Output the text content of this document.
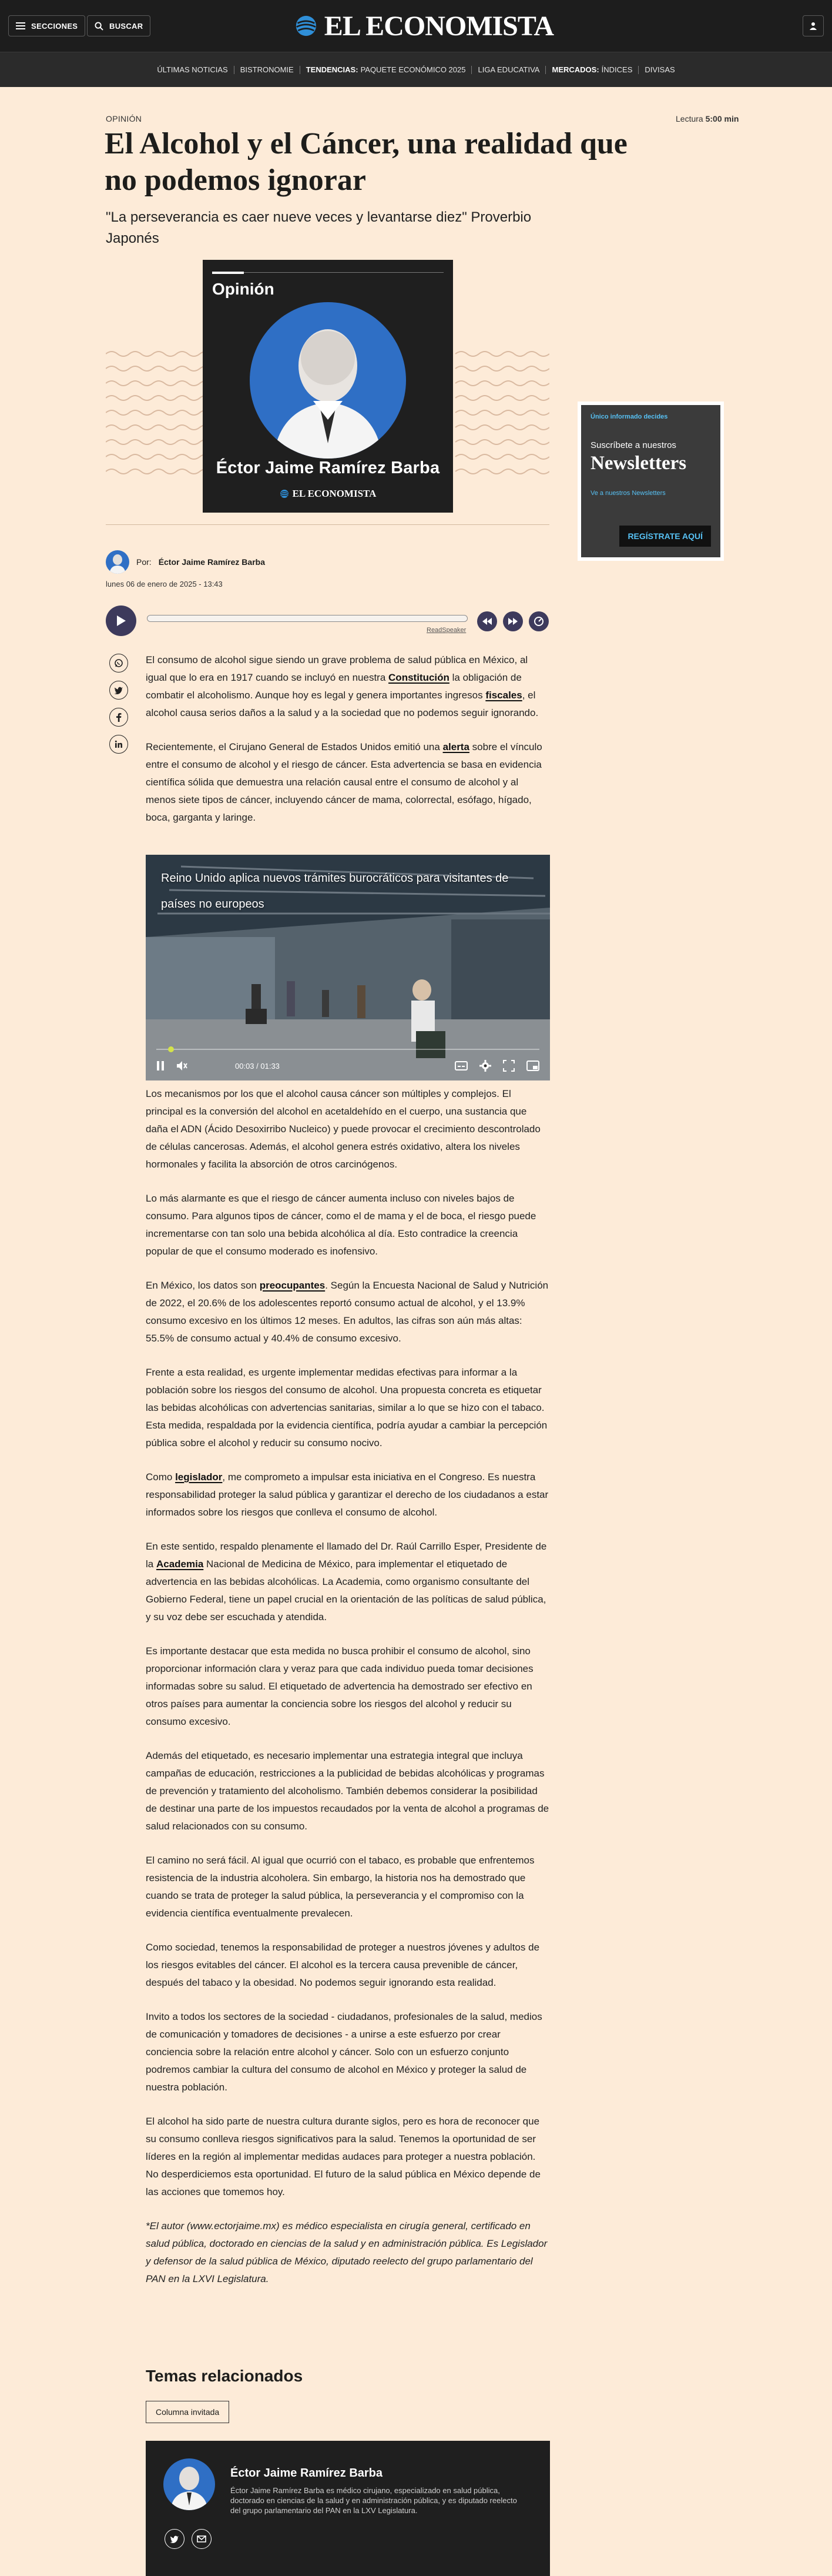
SECCIONES	BUSCAR	EL ECONOMISTA
ÚLTIMAS NOTICIAS	BISTRONOMIE	TENDENCIAS: PAQUETE ECONÓMICO 2025	LIGA EDUCATIVA	MERCADOS: ÍNDICES	DIVISAS
OPINIÓN	Lectura 5:00 min
El Alcohol y el Cáncer, una realidad que no podemos ignorar
"La perseverancia es caer nueve veces y levantarse diez" Proverbio Japonés
Opinión
Éctor Jaime Ramírez Barba
EL ECONOMISTA
Único informado decides
Suscríbete a nuestros
Newsletters
Ve a nuestros Newsletters
REGÍSTRATE AQUÍ
Por: Éctor Jaime Ramírez Barba
lunes 06 de enero de 2025 - 13:43
ReadSpeaker

El consumo de alcohol sigue siendo un grave problema de salud pública en México, al igual que lo era en 1917 cuando se incluyó en nuestra Constitución la obligación de combatir el alcoholismo. Aunque hoy es legal y genera importantes ingresos fiscales, el alcohol causa serios daños a la salud y a la sociedad que no podemos seguir ignorando.

Recientemente, el Cirujano General de Estados Unidos emitió una alerta sobre el vínculo entre el consumo de alcohol y el riesgo de cáncer. Esta advertencia se basa en evidencia científica sólida que demuestra una relación causal entre el consumo de alcohol y al menos siete tipos de cáncer, incluyendo cáncer de mama, colorrectal, esófago, hígado, boca, garganta y laringe.

Los mecanismos por los que el alcohol causa cáncer son múltiples y complejos. El principal es la conversión del alcohol en acetaldehído en el cuerpo, una sustancia que daña el ADN (Ácido Desoxirribo Nucleico) y puede provocar el crecimiento descontrolado de células cancerosas. Además, el alcohol genera estrés oxidativo, altera los niveles hormonales y facilita la absorción de otros carcinógenos.

Lo más alarmante es que el riesgo de cáncer aumenta incluso con niveles bajos de consumo. Para algunos tipos de cáncer, como el de mama y el de boca, el riesgo puede incrementarse con tan solo una bebida alcohólica al día. Esto contradice la creencia popular de que el consumo moderado es inofensivo.

En México, los datos son preocupantes. Según la Encuesta Nacional de Salud y Nutrición de 2022, el 20.6% de los adolescentes reportó consumo actual de alcohol, y el 13.9% consumo excesivo en los últimos 12 meses. En adultos, las cifras son aún más altas: 55.5% de consumo actual y 40.4% de consumo excesivo.

Frente a esta realidad, es urgente implementar medidas efectivas para informar a la población sobre los riesgos del consumo de alcohol. Una propuesta concreta es etiquetar las bebidas alcohólicas con advertencias sanitarias, similar a lo que se hizo con el tabaco. Esta medida, respaldada por la evidencia científica, podría ayudar a cambiar la percepción pública sobre el alcohol y reducir su consumo nocivo.

Como legislador, me comprometo a impulsar esta iniciativa en el Congreso. Es nuestra responsabilidad proteger la salud pública y garantizar el derecho de los ciudadanos a estar informados sobre los riesgos que conlleva el consumo de alcohol.

En este sentido, respaldo plenamente el llamado del Dr. Raúl Carrillo Esper, Presidente de la Academia Nacional de Medicina de México, para implementar el etiquetado de advertencia en las bebidas alcohólicas. La Academia, como organismo consultante del Gobierno Federal, tiene un papel crucial en la orientación de las políticas de salud pública, y su voz debe ser escuchada y atendida.

Es importante destacar que esta medida no busca prohibir el consumo de alcohol, sino proporcionar información clara y veraz para que cada individuo pueda tomar decisiones informadas sobre su salud. El etiquetado de advertencia ha demostrado ser efectivo en otros países para aumentar la conciencia sobre los riesgos del alcohol y reducir su consumo excesivo.

Además del etiquetado, es necesario implementar una estrategia integral que incluya campañas de educación, restricciones a la publicidad de bebidas alcohólicas y programas de prevención y tratamiento del alcoholismo. También debemos considerar la posibilidad de destinar una parte de los impuestos recaudados por la venta de alcohol a programas de salud relacionados con su consumo.

El camino no será fácil. Al igual que ocurrió con el tabaco, es probable que enfrentemos resistencia de la industria alcoholera. Sin embargo, la historia nos ha demostrado que cuando se trata de proteger la salud pública, la perseverancia y el compromiso con la evidencia científica eventualmente prevalecen.

Como sociedad, tenemos la responsabilidad de proteger a nuestros jóvenes y adultos de los riesgos evitables del cáncer. El alcohol es la tercera causa prevenible de cáncer, después del tabaco y la obesidad. No podemos seguir ignorando esta realidad.

Invito a todos los sectores de la sociedad - ciudadanos, profesionales de la salud, medios de comunicación y tomadores de decisiones - a unirse a este esfuerzo por crear conciencia sobre la relación entre alcohol y cáncer. Solo con un esfuerzo conjunto podremos cambiar la cultura del consumo de alcohol en México y proteger la salud de nuestra población.

El alcohol ha sido parte de nuestra cultura durante siglos, pero es hora de reconocer que su consumo conlleva riesgos significativos para la salud. Tenemos la oportunidad de ser líderes en la región al implementar medidas audaces para proteger a nuestra población. No desperdiciemos esta oportunidad. El futuro de la salud pública en México depende de las acciones que tomemos hoy.

*El autor (www.ectorjaime.mx) es médico especialista en cirugía general, certificado en salud pública, doctorado en ciencias de la salud y en administración pública. Es Legislador y defensor de la salud pública de México, diputado reelecto del grupo parlamentario del PAN en la LXVI Legislatura.

Reino Unido aplica nuevos trámites burocráticos para visitantes de países no europeos
00:03 / 01:33
Temas relacionados
Columna invitada
Éctor Jaime Ramírez Barba
Éctor Jaime Ramírez Barba es médico cirujano, especializado en salud pública, doctorado en ciencias de la salud y en administración pública, y es diputado reelecto del grupo parlamentario del PAN en la LXV Legislatura.
